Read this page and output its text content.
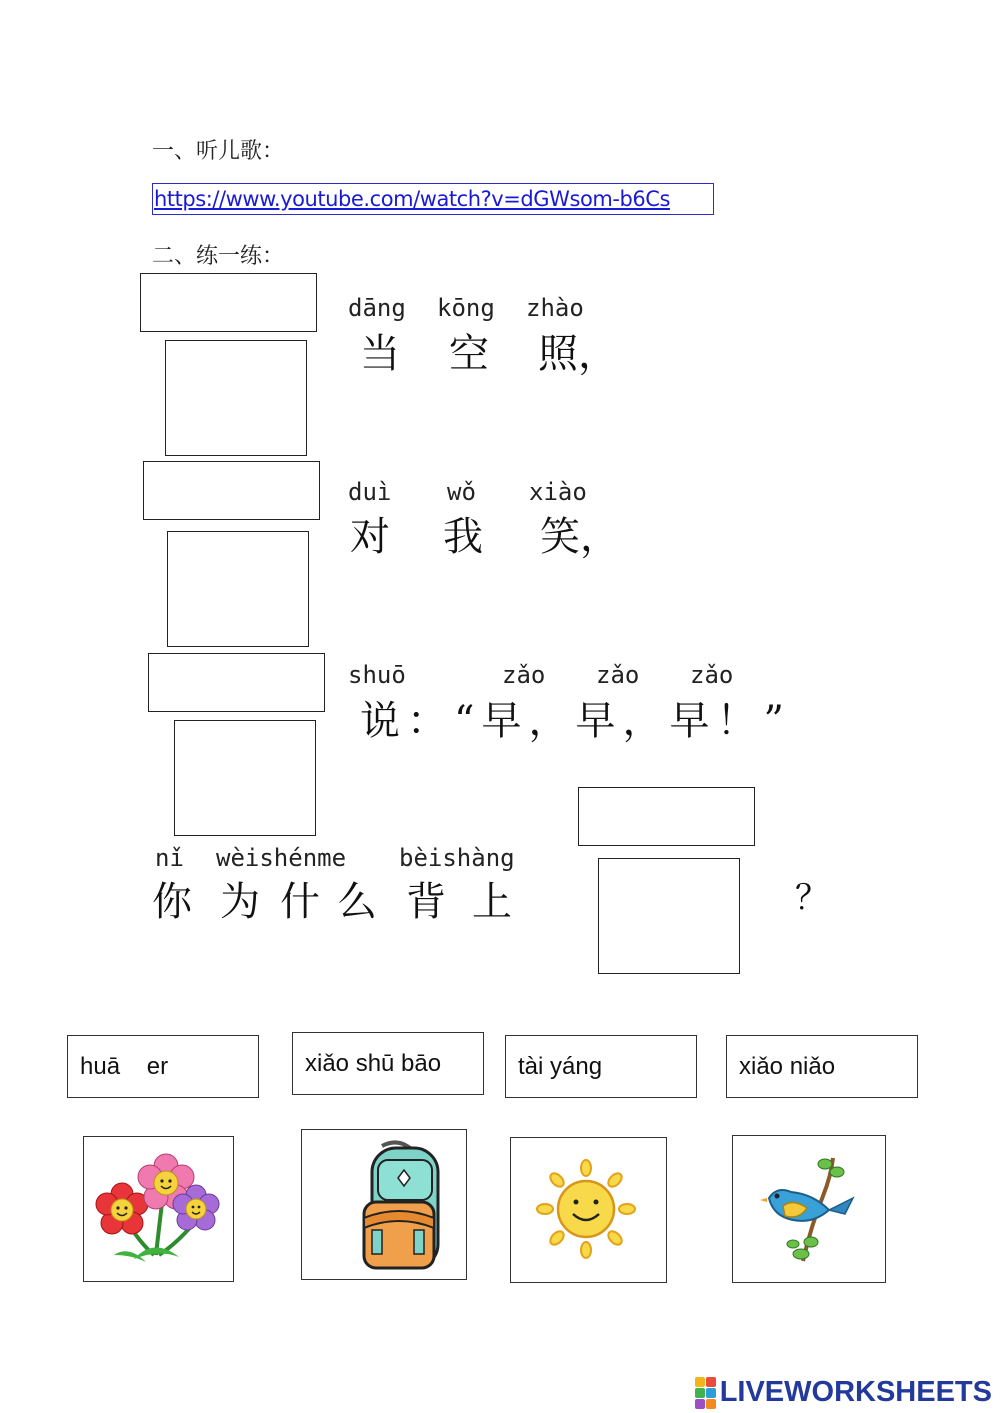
一、听儿歌：
https://www.youtube.com/watch?v=dGWsom-b6Cs
二、练一练：
dāng kōng zhào
当 空 照，
duì wǒ xiào
对 我 笑，
shuō	zǎo zǎo zǎo
说：“早，早，早！”
nǐ wèishénme bèishàng
你 为 什 么 背 上	？
huā    er	xiǎo shū bāo	tài yáng	xiǎo niǎo
LIVEWORKSHEETS
